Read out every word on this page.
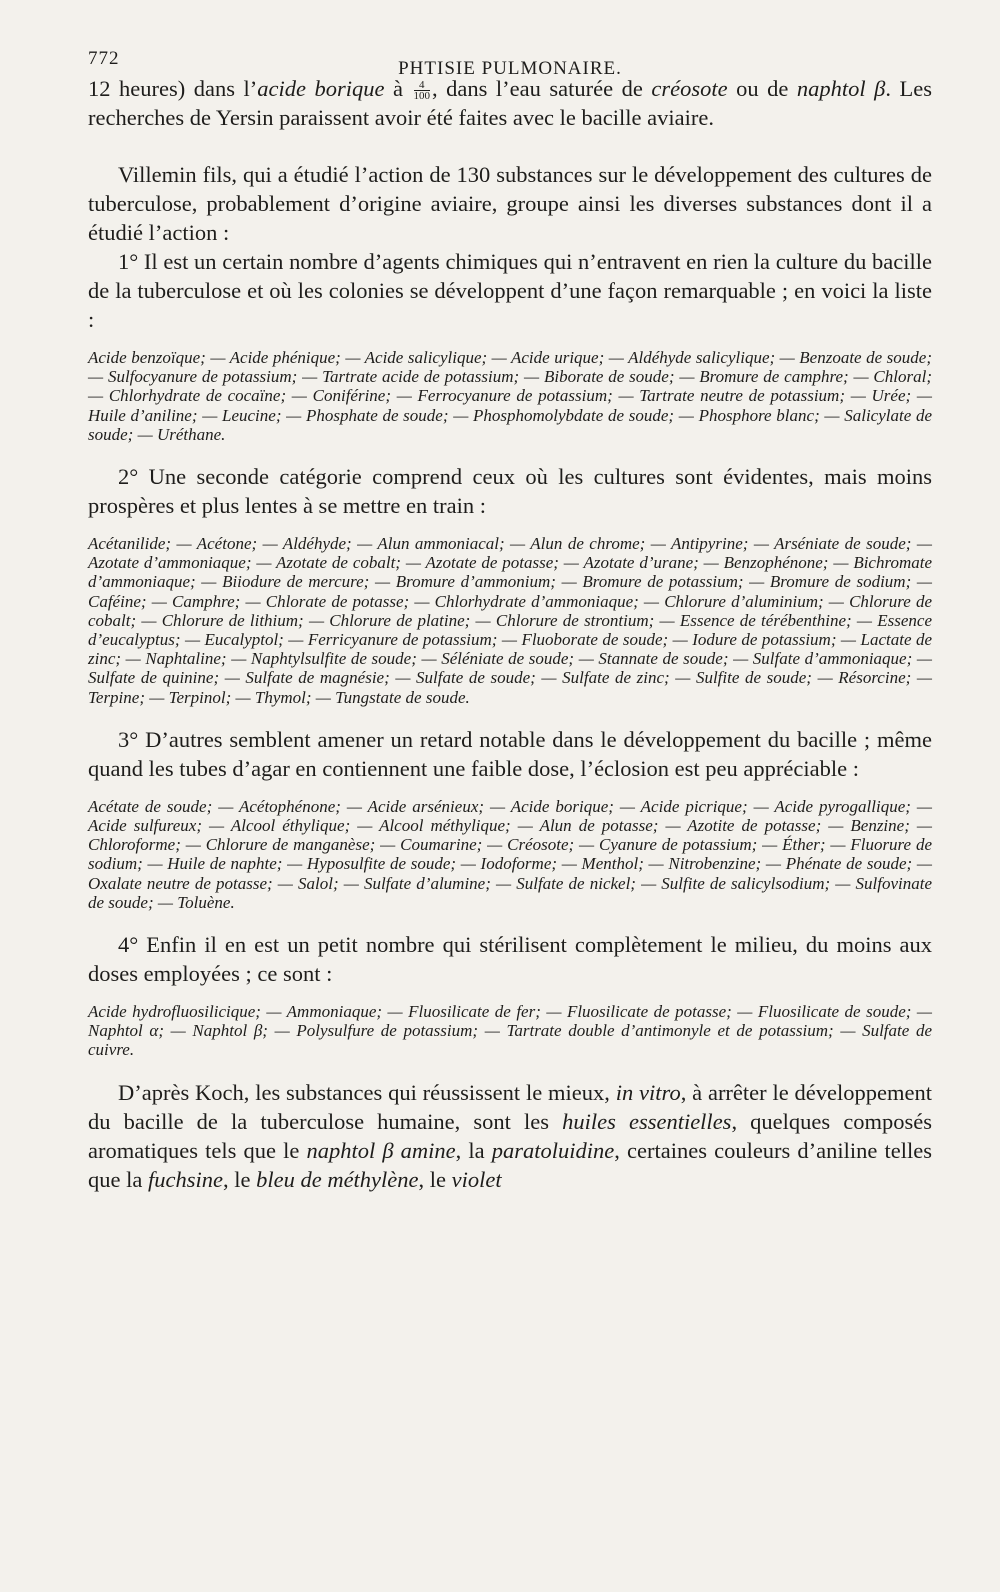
772	PHTISIE PULMONAIRE.

12 heures) dans l’acide borique à $\frac{4}{100}$ , dans l’eau saturée de créosote ou de naphtol β. Les recherches de Yersin paraissent avoir été faites avec le bacille aviaire.

Villemin fils, qui a étudié l’action de 130 substances sur le développement des cultures de tuberculose, probablement d’origine aviaire, groupe ainsi les diverses substances dont il a étudié l’action :

1° Il est un certain nombre d’agents chimiques qui n’entravent en rien la culture du bacille de la tuberculose et où les colonies se développent d’une façon remarquable ; en voici la liste :

Acide benzoïque; — Acide phénique; — Acide salicylique; — Acide urique; — Aldéhyde salicylique; — Benzoate de soude; — Sulfocyanure de potassium; — Tartrate acide de potassium; — Biborate de soude; — Bromure de camphre; — Chloral; — Chlorhydrate de cocaïne; — Coniférine; — Ferrocyanure de potassium; — Tartrate neutre de potassium; — Urée; — Huile d’aniline; — Leucine; — Phosphate de soude; — Phosphomolybdate de soude; — Phosphore blanc; — Salicylate de soude; — Uréthane.

2° Une seconde catégorie comprend ceux où les cultures sont évidentes, mais moins prospères et plus lentes à se mettre en train :

Acétanilide; — Acétone; — Aldéhyde; — Alun ammoniacal; — Alun de chrome; — Antipyrine; — Arséniate de soude; — Azotate d’ammoniaque; — Azotate de cobalt; — Azotate de potasse; — Azotate d’urane; — Benzophénone; — Bichromate d’ammoniaque; — Biiodure de mercure; — Bromure d’ammonium; — Bromure de potassium; — Bromure de sodium; — Caféine; — Camphre; — Chlorate de potasse; — Chlorhydrate d’ammoniaque; — Chlorure d’aluminium; — Chlorure de cobalt; — Chlorure de lithium; — Chlorure de platine; — Chlorure de strontium; — Essence de térébenthine; — Essence d’eucalyptus; — Eucalyptol; — Ferricyanure de potassium; — Fluoborate de soude; — Iodure de potassium; — Lactate de zinc; — Naphtaline; — Naphtylsulfite de soude; — Séléniate de soude; — Stannate de soude; — Sulfate d’ammoniaque; — Sulfate de quinine; — Sulfate de magnésie; — Sulfate de soude; — Sulfate de zinc; — Sulfite de soude; — Résorcine; — Terpine; — Terpinol; — Thymol; — Tungstate de soude.

3° D’autres semblent amener un retard notable dans le développement du bacille ; même quand les tubes d’agar en contiennent une faible dose, l’éclosion est peu appréciable :

Acétate de soude; — Acétophénone; — Acide arsénieux; — Acide borique; — Acide picrique; — Acide pyrogallique; — Acide sulfureux; — Alcool éthylique; — Alcool méthylique; — Alun de potasse; — Azotite de potasse; — Benzine; — Chloroforme; — Chlorure de manganèse; — Coumarine; — Créosote; — Cyanure de potassium; — Éther; — Fluorure de sodium; — Huile de naphte; — Hyposulfite de soude; — Iodoforme; — Menthol; — Nitrobenzine; — Phénate de soude; — Oxalate neutre de potasse; — Salol; — Sulfate d’alumine; — Sulfate de nickel; — Sulfite de salicylsodium; — Sulfovinate de soude; — Toluène.

4° Enfin il en est un petit nombre qui stérilisent complètement le milieu, du moins aux doses employées ; ce sont :

Acide hydrofluosilicique; — Ammoniaque; — Fluosilicate de fer; — Fluosilicate de potasse; — Fluosilicate de soude; — Naphtol α; — Naphtol β; — Polysulfure de potassium; — Tartrate double d’antimonyle et de potassium; — Sulfate de cuivre.

D’après Koch, les substances qui réussissent le mieux, in vitro, à arrêter le développement du bacille de la tuberculose humaine, sont les huiles essentielles, quelques composés aromatiques tels que le naphtol β amine, la paratoluidine, certaines couleurs d’aniline telles que la fuchsine, le bleu de méthylène, le violet
